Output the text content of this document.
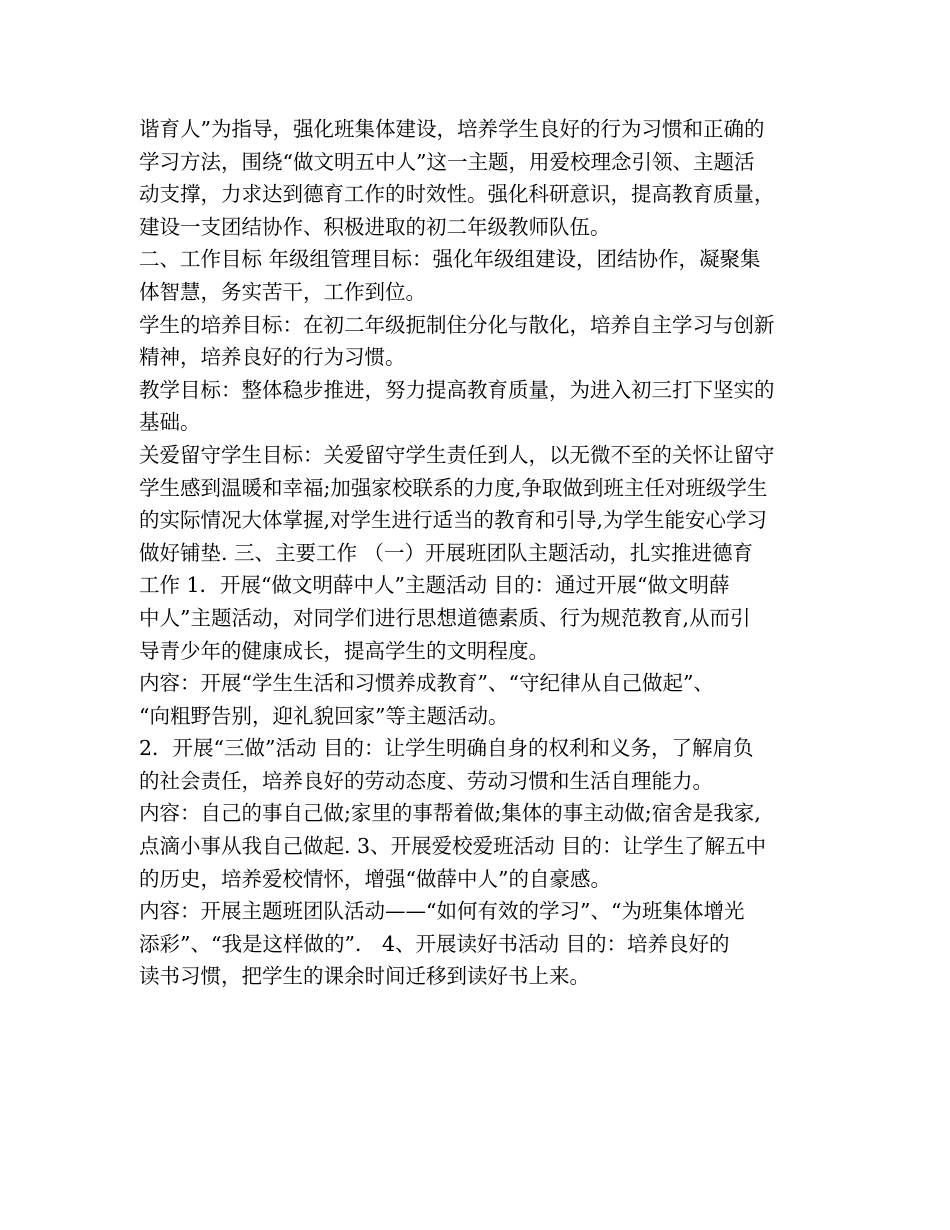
谐育人”为指导，强化班集体建设，培养学生良好的行为习惯和正确的
学习方法，围绕“做文明五中人”这一主题，用爱校理念引领、主题活
动支撑，力求达到德育工作的时效性。强化科研意识，提高教育质量，
建设一支团结协作、积极进取的初二年级教师队伍。
二、工作目标 年级组管理目标：强化年级组建设，团结协作，凝聚集
体智慧，务实苦干，工作到位。
学生的培养目标：在初二年级扼制住分化与散化，培养自主学习与创新
精神，培养良好的行为习惯。
教学目标：整体稳步推进，努力提高教育质量，为进入初三打下坚实的
基础。
关爱留守学生目标：关爱留守学生责任到人，以无微不至的关怀让留守
学生感到温暖和幸福;加强家校联系的力度,争取做到班主任对班级学生
的实际情况大体掌握,对学生进行适当的教育和引导,为学生能安心学习
做好铺垫. 三、主要工作 （一）开展班团队主题活动，扎实推进德育
工作 1．开展“做文明薛中人”主题活动 目的：通过开展“做文明薛
中人”主题活动，对同学们进行思想道德素质、行为规范教育,从而引
导青少年的健康成长，提高学生的文明程度。
内容：开展“学生生活和习惯养成教育”、“守纪律从自己做起”、
“向粗野告别，迎礼貌回家”等主题活动。
2．开展“三做”活动 目的：让学生明确自身的权利和义务，了解肩负
的社会责任，培养良好的劳动态度、劳动习惯和生活自理能力。
内容：自己的事自己做;家里的事帮着做;集体的事主动做;宿舍是我家,
点滴小事从我自己做起. 3、开展爱校爱班活动 目的：让学生了解五中
的历史，培养爱校情怀，增强“做薛中人”的自豪感。
内容：开展主题班团队活动——“如何有效的学习”、“为班集体增光
添彩”、“我是这样做的”． 4、开展读好书活动 目的：培养良好的
读书习惯，把学生的课余时间迁移到读好书上来。
